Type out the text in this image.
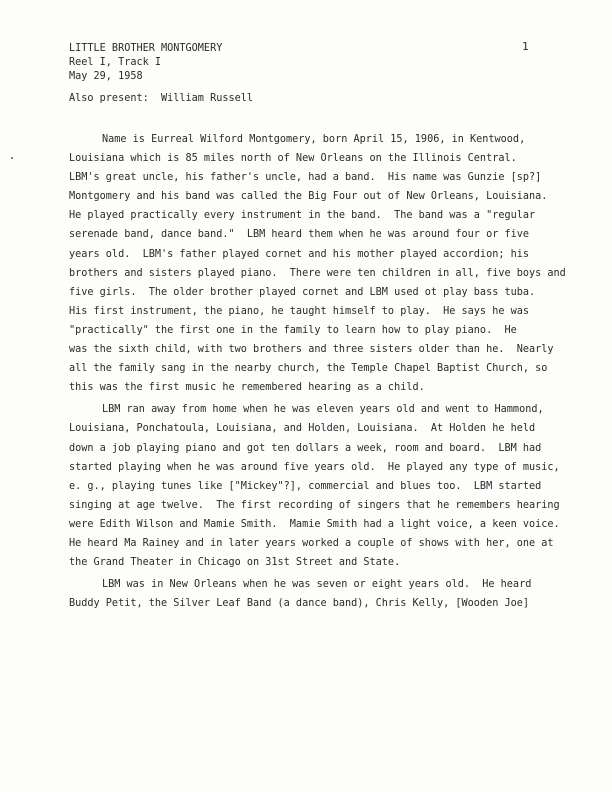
1

LITTLE BROTHER MONTGOMERY
Reel I, Track I
May 29, 1958

Also present:  William Russell

Name is Eurreal Wilford Montgomery, born April 15, 1906, in Kentwood,
Louisiana which is 85 miles north of New Orleans on the Illinois Central.
LBM's great uncle, his father's uncle, had a band.  His name was Gunzie [sp?]
Montgomery and his band was called the Big Four out of New Orleans, Louisiana.
He played practically every instrument in the band.  The band was a "regular
serenade band, dance band."  LBM heard them when he was around four or five
years old.  LBM's father played cornet and his mother played accordion; his
brothers and sisters played piano.  There were ten children in all, five boys and
five girls.  The older brother played cornet and LBM used ot play bass tuba.
His first instrument, the piano, he taught himself to play.  He says he was
"practically" the first one in the family to learn how to play piano.  He
was the sixth child, with two brothers and three sisters older than he.  Nearly
all the family sang in the nearby church, the Temple Chapel Baptist Church, so
this was the first music he remembered hearing as a child.
LBM ran away from home when he was eleven years old and went to Hammond,
Louisiana, Ponchatoula, Louisiana, and Holden, Louisiana.  At Holden he held
down a job playing piano and got ten dollars a week, room and board.  LBM had
started playing when he was around five years old.  He played any type of music,
e. g., playing tunes like ["Mickey"?], commercial and blues too.  LBM started
singing at age twelve.  The first recording of singers that he remembers hearing
were Edith Wilson and Mamie Smith.  Mamie Smith had a light voice, a keen voice.
He heard Ma Rainey and in later years worked a couple of shows with her, one at
the Grand Theater in Chicago on 31st Street and State.
LBM was in New Orleans when he was seven or eight years old.  He heard
Buddy Petit, the Silver Leaf Band (a dance band), Chris Kelly, [Wooden Joe]
